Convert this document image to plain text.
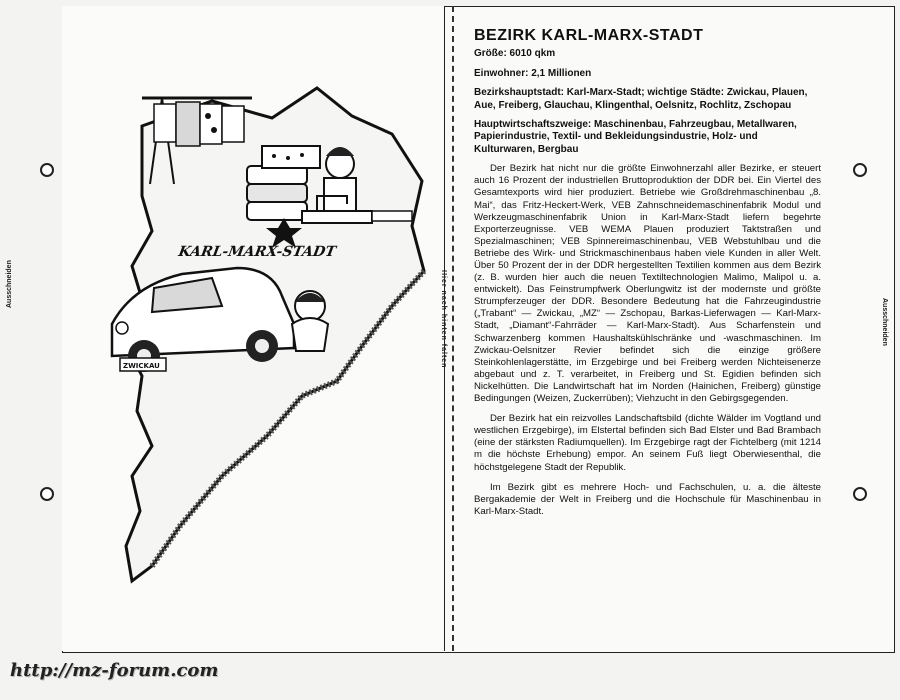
KARL-MARX-STADT
ZWICKAU
BEZIRK KARL-MARX-STADT
Größe: 6010 qkm
Einwohner: 2,1 Millionen
Bezirkshauptstadt: Karl-Marx-Stadt; wichtige Städte: Zwickau, Plauen, Aue, Freiberg, Glauchau, Klingenthal, Oelsnitz, Rochlitz, Zschopau
Hauptwirtschaftszweige: Maschinenbau, Fahrzeugbau, Metallwaren, Papierindustrie, Textil- und Bekleidungsindustrie, Holz- und Kulturwaren, Bergbau

Der Bezirk hat nicht nur die größte Einwohnerzahl aller Bezirke, er steuert auch 16 Prozent der industriellen Bruttoproduktion der DDR bei. Ein Viertel des Gesamtexports wird hier produziert. Betriebe wie Großdrehmaschinenbau „8. Mai“, das Fritz-Heckert-Werk, VEB Zahnschneidemaschinenfabrik Modul und Werkzeugmaschinenfabrik Union in Karl-Marx-Stadt liefern begehrte Exporterzeugnisse. VEB WEMA Plauen produziert Taktstraßen und Spezialmaschinen; VEB Spinnereimaschinenbau, VEB Webstuhlbau und die Betriebe des Wirk- und Strickmaschinenbaus haben viele Kunden in aller Welt. Über 50 Prozent der in der DDR hergestellten Textilien kommen aus dem Bezirk (z. B. wurden hier auch die neuen Textiltechnologien Malimo, Malipol u. a. entwickelt). Das Feinstrumpfwerk Oberlungwitz ist der modernste und größte Strumpferzeuger der DDR. Besondere Bedeutung hat die Fahrzeugindustrie („Trabant“ — Zwickau, „MZ“ — Zschopau, Barkas-Lieferwagen — Karl-Marx-Stadt, „Diamant“-Fahrräder — Karl-Marx-Stadt). Aus Scharfenstein und Schwarzenberg kommen Haushaltskühlschränke und -waschmaschinen. Im Zwickau-Oelsnitzer Revier befindet sich die einzige größere Steinkohlenlagerstätte, im Erzgebirge und bei Freiberg werden Nichteisenerze abgebaut und z. T. verarbeitet, in Freiberg und St. Egidien befinden sich Nickelhütten. Die Landwirtschaft hat im Norden (Hainichen, Freiberg) günstige Bedingungen (Weizen, Zuckerrüben); Viehzucht in den Gebirgsgegenden.

Der Bezirk hat ein reizvolles Landschaftsbild (dichte Wälder im Vogtland und westlichen Erzgebirge), im Elstertal befinden sich Bad Elster und Bad Brambach (eine der stärksten Radiumquellen). Im Erzgebirge ragt der Fichtelberg (mit 1214 m die höchste Erhebung) empor. An seinem Fuß liegt Oberwiesenthal, die höchstgelegene Stadt der Republik.

Im Bezirk gibt es mehrere Hoch- und Fachschulen, u. a. die älteste Bergakademie der Welt in Freiberg und die Hochschule für Maschinenbau in Karl-Marx-Stadt.

Ausschneiden
Ausschneiden
Hier nach hinten falten
http://mz-forum.com
